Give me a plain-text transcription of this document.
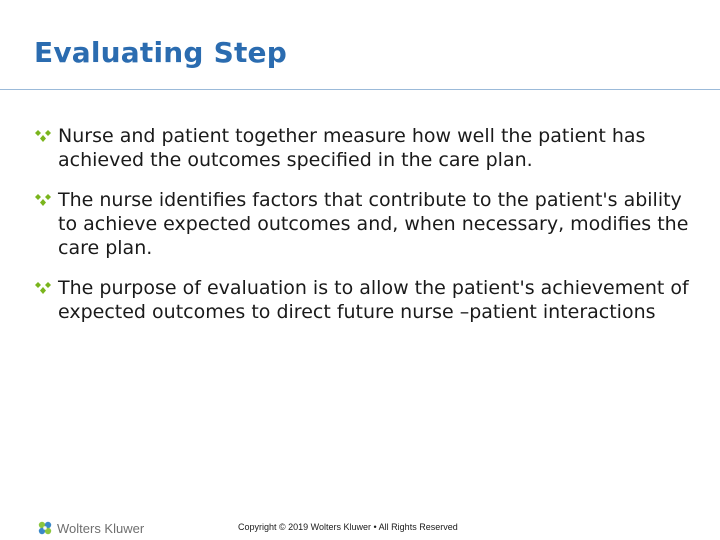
Evaluating Step
Nurse and patient together measure how well the patient has achieved the outcomes specified in the care plan.
The nurse identifies factors that contribute to the patient's ability to achieve expected outcomes and, when necessary, modifies the care plan.
The purpose of evaluation is to allow the patient's achievement of expected outcomes to direct future nurse –patient interactions
Wolters Kluwer	Copyright © 2019 Wolters Kluwer • All Rights Reserved
